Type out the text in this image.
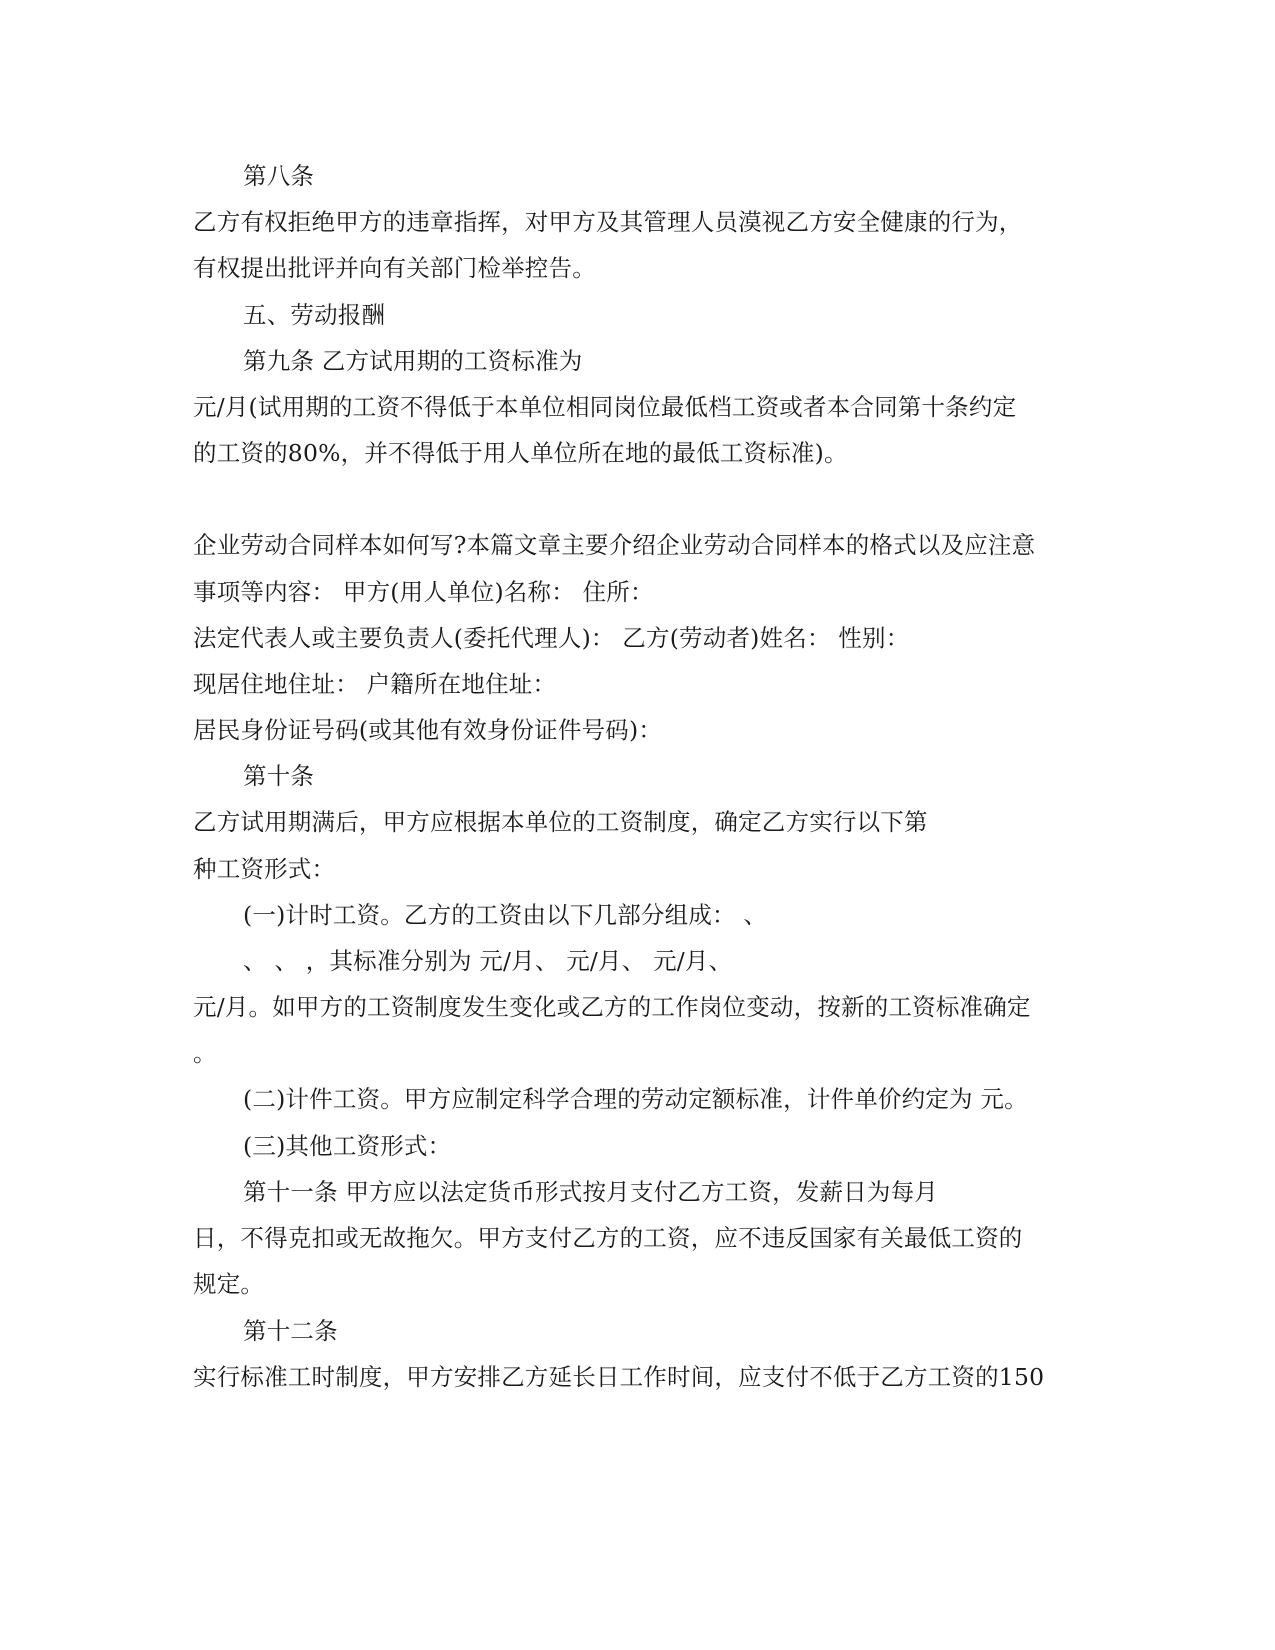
第八条
乙方有权拒绝甲方的违章指挥，对甲方及其管理人员漠视乙方安全健康的行为，
有权提出批评并向有关部门检举控告。
五、劳动报酬
第九条 乙方试用期的工资标准为
元/月(试用期的工资不得低于本单位相同岗位最低档工资或者本合同第十条约定
的工资的80%，并不得低于用人单位所在地的最低工资标准)。
企业劳动合同样本如何写?本篇文章主要介绍企业劳动合同样本的格式以及应注意
事项等内容： 甲方(用人单位)名称： 住所：
法定代表人或主要负责人(委托代理人)： 乙方(劳动者)姓名： 性别：
现居住地住址： 户籍所在地住址：
居民身份证号码(或其他有效身份证件号码)：
第十条
乙方试用期满后，甲方应根据本单位的工资制度，确定乙方实行以下第
种工资形式：
(一)计时工资。乙方的工资由以下几部分组成： 、
、 、 ，其标准分别为 元/月、 元/月、 元/月、
元/月。如甲方的工资制度发生变化或乙方的工作岗位变动，按新的工资标准确定
。
(二)计件工资。甲方应制定科学合理的劳动定额标准，计件单价约定为 元。
(三)其他工资形式：
第十一条 甲方应以法定货币形式按月支付乙方工资，发薪日为每月
日，不得克扣或无故拖欠。甲方支付乙方的工资，应不违反国家有关最低工资的
规定。
第十二条
实行标准工时制度，甲方安排乙方延长日工作时间，应支付不低于乙方工资的150
